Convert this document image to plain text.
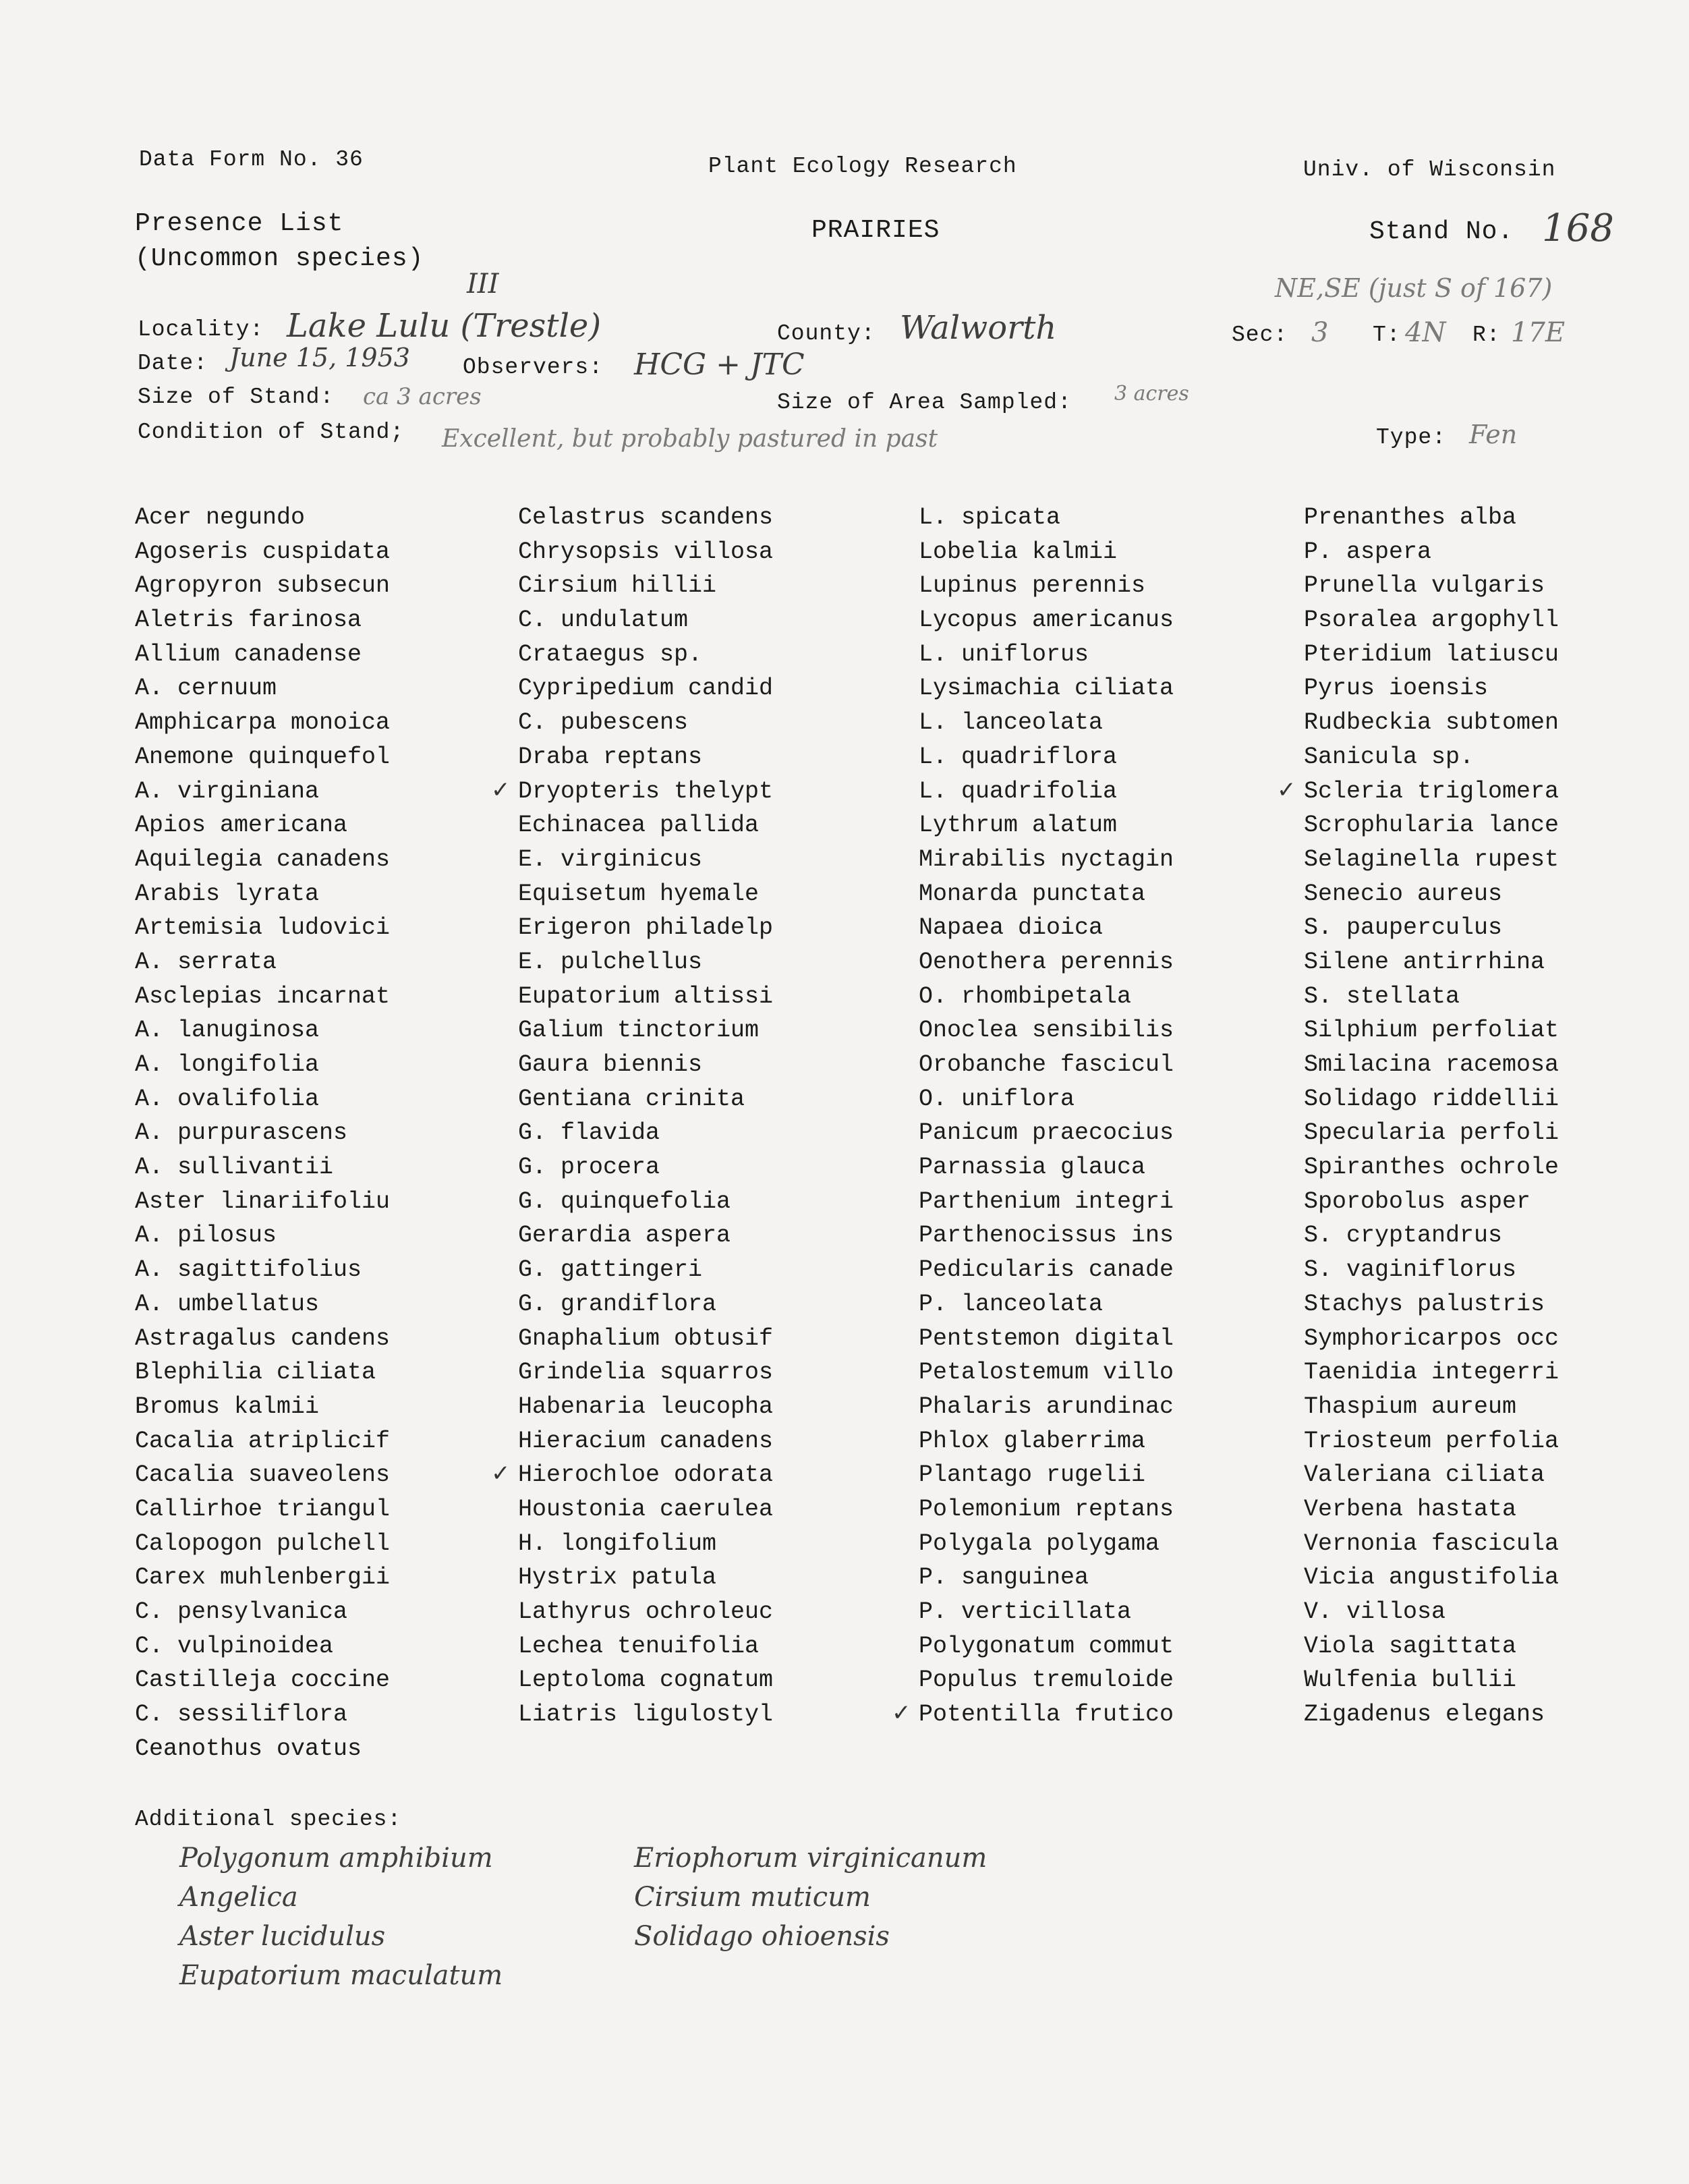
Data Form No. 36	Plant Ecology Research	Univ. of Wisconsin
Presence List
(Uncommon species)
PRAIRIES	Stand No. 168
Locality: Lake Lulu (Trestle)
III
County: Walworth
NE,SE (just S of 167)
Sec: 3 T: 4N R: 17E
Date: June 15, 1953 Observers: HCG + JTC
Size of Stand: ca 3 acres	Size of Area Sampled: 3 acres
Condition of Stand; Excellent, but probably pastured in past	Type: Fen
Acer negundo
Agoseris cuspidata
Agropyron subsecun
Aletris farinosa
Allium canadense
A. cernuum
Amphicarpa monoica
Anemone quinquefol
A. virginiana
Apios americana
Aquilegia canadens
Arabis lyrata
Artemisia ludovici
A. serrata
Asclepias incarnat
A. lanuginosa
A. longifolia
A. ovalifolia
A. purpurascens
A. sullivantii
Aster linariifoliu
A. pilosus
A. sagittifolius
A. umbellatus
Astragalus candens
Blephilia ciliata
Bromus kalmii
Cacalia atriplicif
Cacalia suaveolens
Callirhoe triangul
Calopogon pulchell
Carex muhlenbergii
C. pensylvanica
C. vulpinoidea
Castilleja coccine
C. sessiliflora
Ceanothus ovatus
Celastrus scandens
Chrysopsis villosa
Cirsium hillii
C. undulatum
Crataegus sp.
Cypripedium candid
C. pubescens
Draba reptans
✓ Dryopteris thelypt
Echinacea pallida
E. virginicus
Equisetum hyemale
Erigeron philadelp
E. pulchellus
Eupatorium altissi
Galium tinctorium
Gaura biennis
Gentiana crinita
G. flavida
G. procera
G. quinquefolia
Gerardia aspera
G. gattingeri
G. grandiflora
Gnaphalium obtusif
Grindelia squarros
Habenaria leucopha
Hieracium canadens
✓ Hierochloe odorata
Houstonia caerulea
H. longifolium
Hystrix patula
Lathyrus ochroleuc
Lechea tenuifolia
Leptoloma cognatum
Liatris ligulostyl
L. spicata
Lobelia kalmii
Lupinus perennis
Lycopus americanus
L. uniflorus
Lysimachia ciliata
L. lanceolata
L. quadriflora
L. quadrifolia
Lythrum alatum
Mirabilis nyctagin
Monarda punctata
Napaea dioica
Oenothera perennis
O. rhombipetala
Onoclea sensibilis
Orobanche fascicul
O. uniflora
Panicum praecocius
Parnassia glauca
Parthenium integri
Parthenocissus ins
Pedicularis canade
P. lanceolata
Pentstemon digital
Petalostemum villo
Phalaris arundinac
Phlox glaberrima
Plantago rugelii
Polemonium reptans
Polygala polygama
P. sanguinea
P. verticillata
Polygonatum commut
Populus tremuloide
✓ Potentilla frutico
Prenanthes alba
P. aspera
Prunella vulgaris
Psoralea argophyll
Pteridium latiuscu
Pyrus ioensis
Rudbeckia subtomen
Sanicula sp.
✓ Scleria triglomera
Scrophularia lance
Selaginella rupest
Senecio aureus
S. pauperculus
Silene antirrhina
S. stellata
Silphium perfoliat
Smilacina racemosa
Solidago riddellii
Specularia perfoli
Spiranthes ochrole
Sporobolus asper
S. cryptandrus
S. vaginiflorus
Stachys palustris
Symphoricarpos occ
Taenidia integerri
Thaspium aureum
Triosteum perfolia
Valeriana ciliata
Verbena hastata
Vernonia fascicula
Vicia angustifolia
V. villosa
Viola sagittata
Wulfenia bullii
Zigadenus elegans
Additional species:
Polygonum amphibium
Angelica
Aster lucidulus
Eupatorium maculatum
Eriophorum virginicanum
Cirsium muticum
Solidago ohioensis
